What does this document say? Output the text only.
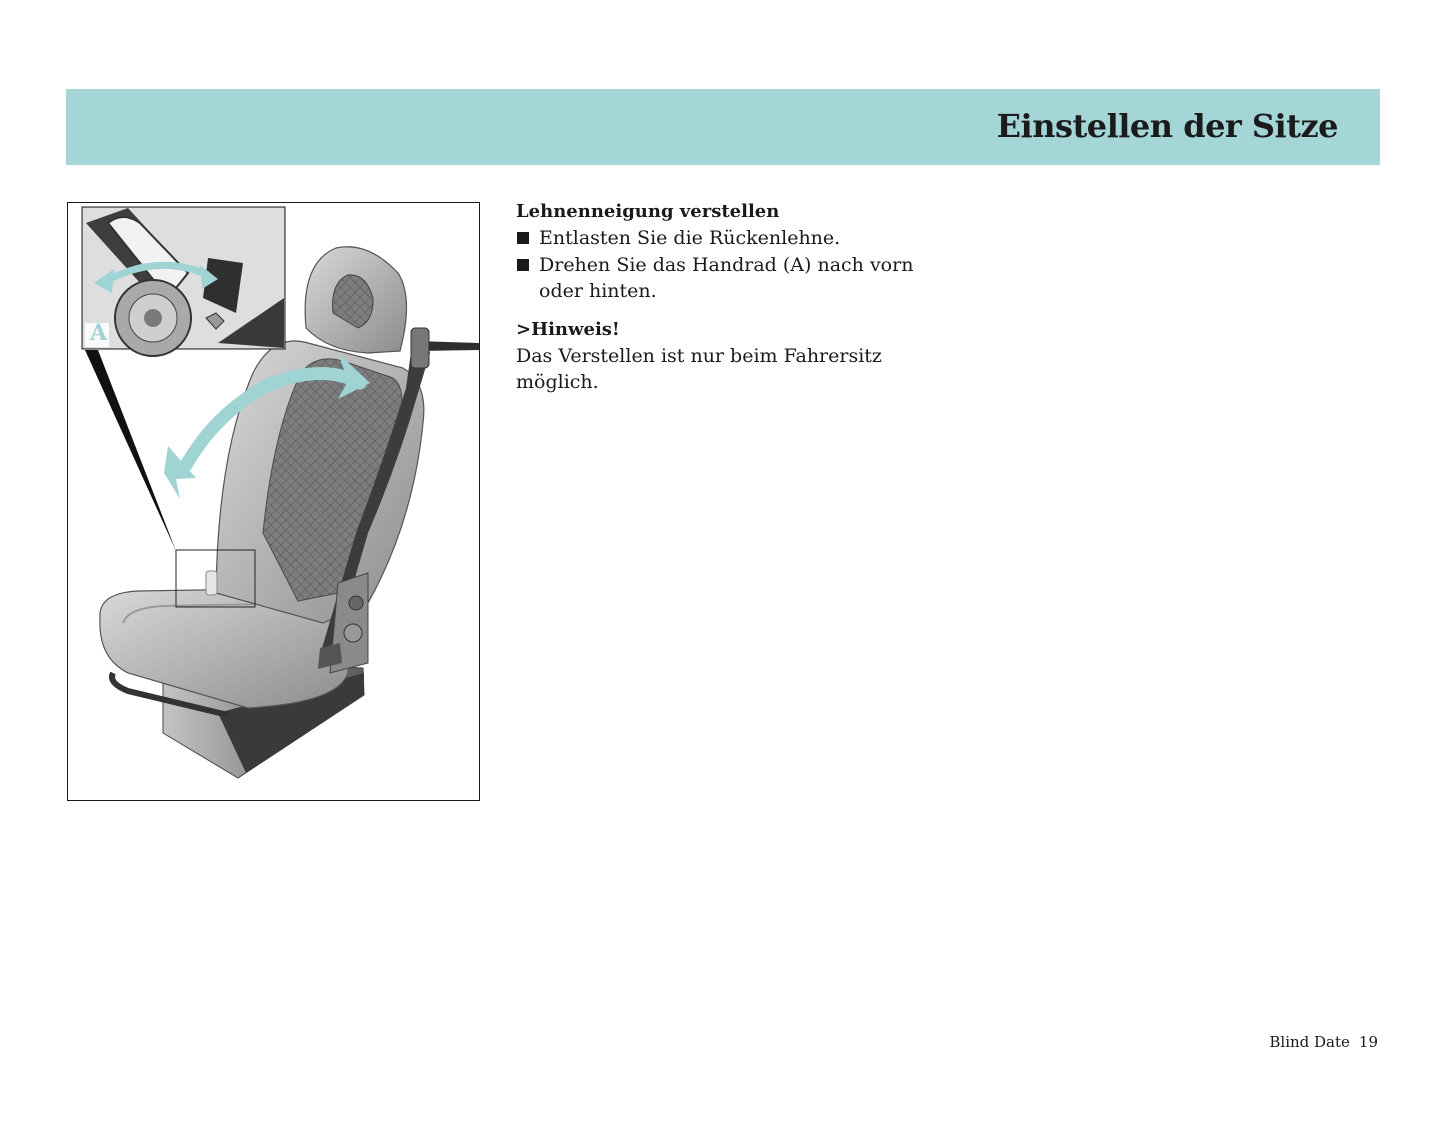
Einstellen der Sitze
A
Lehnenneigung verstellen
Entlasten Sie die Rückenlehne.
Drehen Sie das Handrad (A) nach vorn oder hinten.

>Hinweis!

Das Verstellen ist nur beim Fahrersitz möglich.

Blind Date 19
